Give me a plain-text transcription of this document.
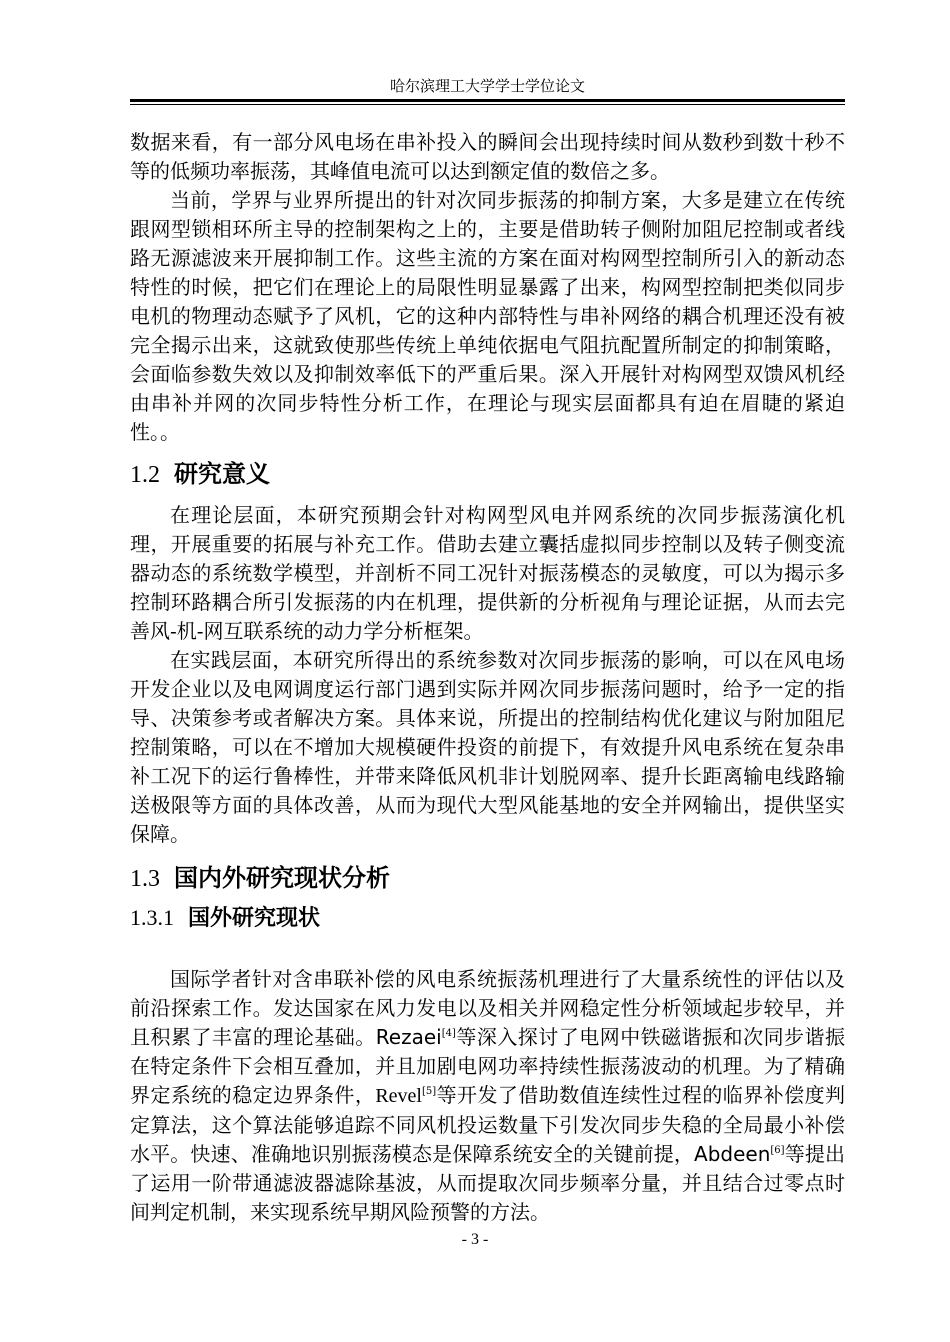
哈尔滨理工大学学士学位论文

数据来看，有一部分风电场在串补投入的瞬间会出现持续时间从数秒到数十秒不等的低频功率振荡，其峰值电流可以达到额定值的数倍之多。

当前，学界与业界所提出的针对次同步振荡的抑制方案，大多是建立在传统跟网型锁相环所主导的控制架构之上的，主要是借助转子侧附加阻尼控制或者线路无源滤波来开展抑制工作。这些主流的方案在面对构网型控制所引入的新动态特性的时候，把它们在理论上的局限性明显暴露了出来，构网型控制把类似同步电机的物理动态赋予了风机，它的这种内部特性与串补网络的耦合机理还没有被完全揭示出来，这就致使那些传统上单纯依据电气阻抗配置所制定的抑制策略，会面临参数失效以及抑制效率低下的严重后果。深入开展针对构网型双馈风机经由串补并网的次同步特性分析工作，在理论与现实层面都具有迫在眉睫的紧迫性。。

1.2 研究意义

在理论层面，本研究预期会针对构网型风电并网系统的次同步振荡演化机理，开展重要的拓展与补充工作。借助去建立囊括虚拟同步控制以及转子侧变流器动态的系统数学模型，并剖析不同工况针对振荡模态的灵敏度，可以为揭示多控制环路耦合所引发振荡的内在机理，提供新的分析视角与理论证据，从而去完善风-机-网互联系统的动力学分析框架。

在实践层面，本研究所得出的系统参数对次同步振荡的影响，可以在风电场开发企业以及电网调度运行部门遇到实际并网次同步振荡问题时，给予一定的指导、决策参考或者解决方案。具体来说，所提出的控制结构优化建议与附加阻尼控制策略，可以在不增加大规模硬件投资的前提下，有效提升风电系统在复杂串补工况下的运行鲁棒性，并带来降低风机非计划脱网率、提升长距离输电线路输送极限等方面的具体改善，从而为现代大型风能基地的安全并网输出，提供坚实保障。

1.3 国内外研究现状分析
1.3.1 国外研究现状

国际学者针对含串联补偿的风电系统振荡机理进行了大量系统性的评估以及前沿探索工作。发达国家在风力发电以及相关并网稳定性分析领域起步较早，并且积累了丰富的理论基础。Rezaei[4]等深入探讨了电网中铁磁谐振和次同步谐振在特定条件下会相互叠加，并且加剧电网功率持续性振荡波动的机理。为了精确界定系统的稳定边界条件，Revel[5]等开发了借助数值连续性过程的临界补偿度判定算法，这个算法能够追踪不同风机投运数量下引发次同步失稳的全局最小补偿水平。快速、准确地识别振荡模态是保障系统安全的关键前提，Abdeen[6]等提出了运用一阶带通滤波器滤除基波，从而提取次同步频率分量，并且结合过零点时间判定机制，来实现系统早期风险预警的方法。

- 3 -
